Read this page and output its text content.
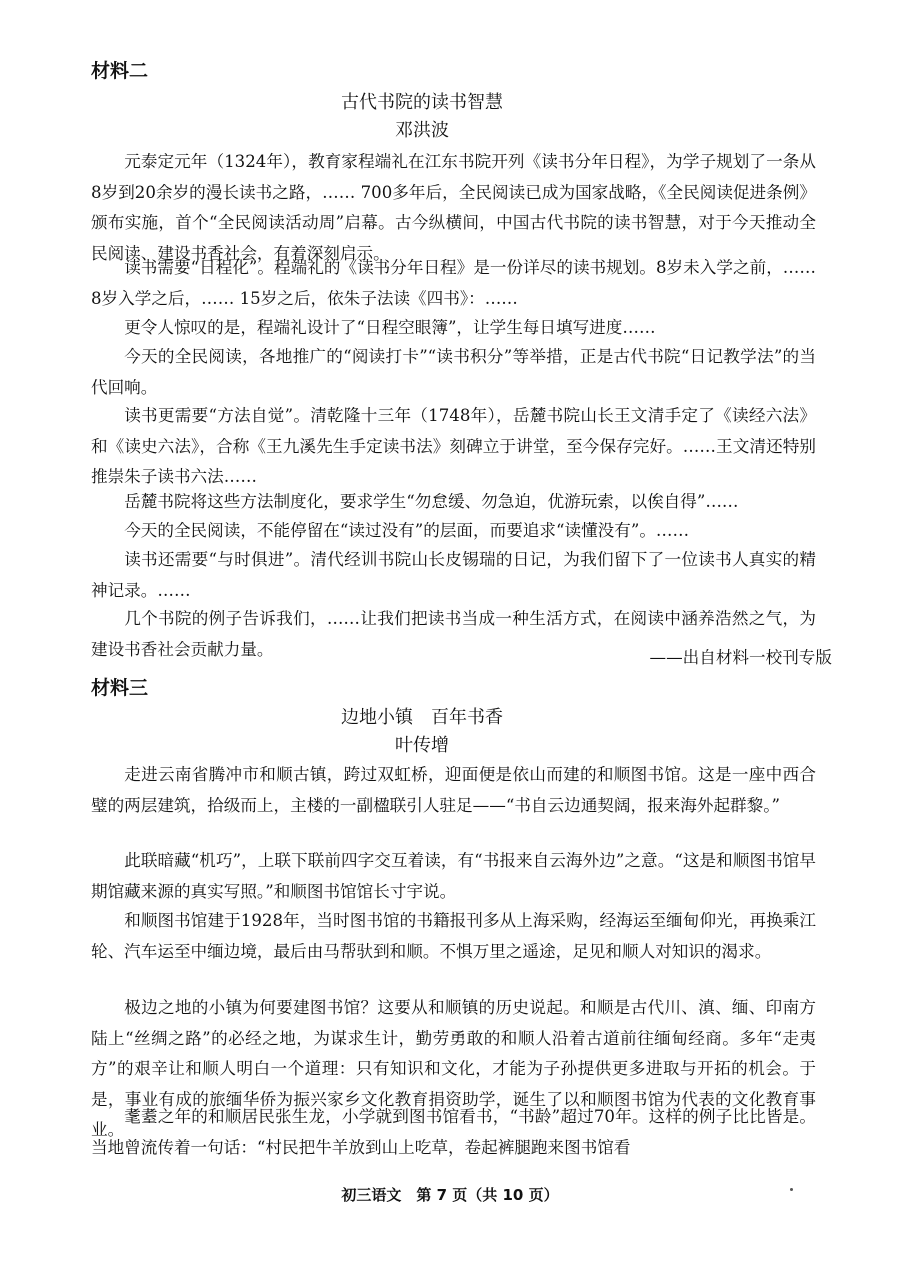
材料二
古代书院的读书智慧
邓洪波

元泰定元年（1324年），教育家程端礼在江东书院开列《读书分年日程》，为学子规划了一条从8岁到20余岁的漫长读书之路，…… 700多年后，全民阅读已成为国家战略，《全民阅读促进条例》颁布实施，首个“全民阅读活动周”启幕。古今纵横间，中国古代书院的读书智慧，对于今天推动全民阅读、建设书香社会，有着深刻启示。

读书需要“日程化”。程端礼的《读书分年日程》是一份详尽的读书规划。8岁未入学之前，…… 8岁入学之后，…… 15岁之后，依朱子法读《四书》：……

更令人惊叹的是，程端礼设计了“日程空眼簿”，让学生每日填写进度……

今天的全民阅读，各地推广的“阅读打卡”“读书积分”等举措，正是古代书院“日记教学法”的当代回响。

读书更需要“方法自觉”。清乾隆十三年（1748年），岳麓书院山长王文清手定了《读经六法》和《读史六法》，合称《王九溪先生手定读书法》刻碑立于讲堂，至今保存完好。……王文清还特别推崇朱子读书六法……

岳麓书院将这些方法制度化，要求学生“勿怠缓、勿急迫，优游玩索，以俟自得”……

今天的全民阅读，不能停留在“读过没有”的层面，而要追求“读懂没有”。……

读书还需要“与时俱进”。清代经训书院山长皮锡瑞的日记，为我们留下了一位读书人真实的精神记录。……

几个书院的例子告诉我们，……让我们把读书当成一种生活方式，在阅读中涵养浩然之气，为建设书香社会贡献力量。	——出自材料一校刊专版
材料三
边地小镇　百年书香
叶传增

走进云南省腾冲市和顺古镇，跨过双虹桥，迎面便是依山而建的和顺图书馆。这是一座中西合璧的两层建筑，拾级而上，主楼的一副楹联引人驻足——“书自云边通契阔，报来海外起群黎。”

此联暗藏“机巧”，上联下联前四字交互着读，有“书报来自云海外边”之意。“这是和顺图书馆早期馆藏来源的真实写照。”和顺图书馆馆长寸宇说。

和顺图书馆建于1928年，当时图书馆的书籍报刊多从上海采购，经海运至缅甸仰光，再换乘江轮、汽车运至中缅边境，最后由马帮驮到和顺。不惧万里之遥途，足见和顺人对知识的渴求。

极边之地的小镇为何要建图书馆？这要从和顺镇的历史说起。和顺是古代川、滇、缅、印南方陆上“丝绸之路”的必经之地，为谋求生计，勤劳勇敢的和顺人沿着古道前往缅甸经商。多年“走夷方”的艰辛让和顺人明白一个道理：只有知识和文化，才能为子孙提供更多进取与开拓的机会。于是，事业有成的旅缅华侨为振兴家乡文化教育捐资助学，诞生了以和顺图书馆为代表的文化教育事业。

耄耋之年的和顺居民张生龙，小学就到图书馆看书，“书龄”超过70年。这样的例子比比皆是。当地曾流传着一句话：“村民把牛羊放到山上吃草，卷起裤腿跑来图书馆看

初三语文　第 7 页（共 10 页）
